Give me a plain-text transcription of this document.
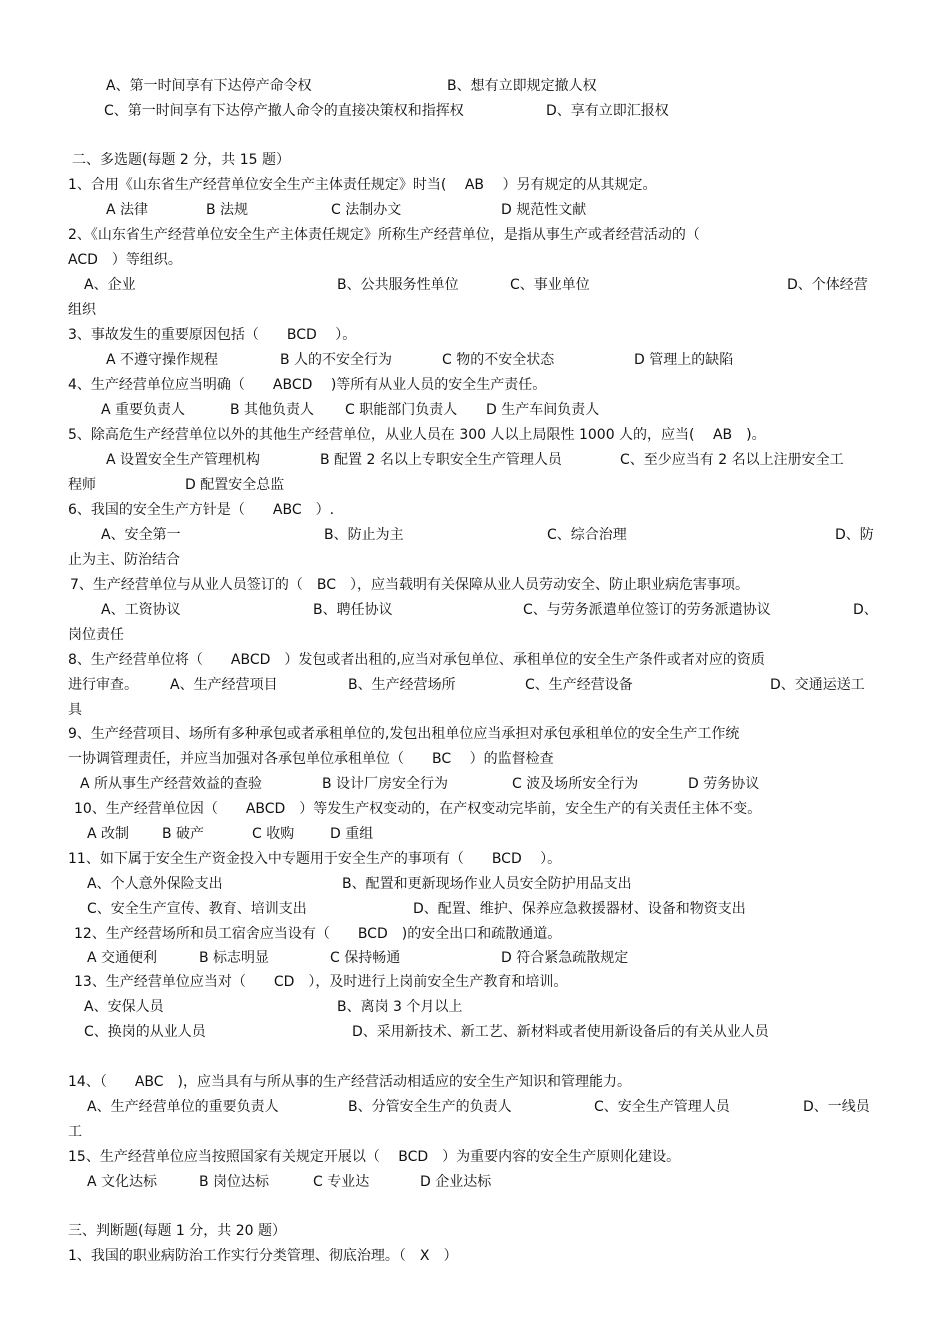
A、第一时间享有下达停产命令权	B、想有立即规定撤人权
C、第一时间享有下达停产撤人命令的直接决策权和指挥权	D、享有立即汇报权
二、多选题(每题 2 分，共 15 题）
1、合用《山东省生产经营单位安全生产主体责任规定》时当(　 AB　 ）另有规定的从其规定。
A 法律	B 法规	C 法制办文	D 规范性文献
2、《山东省生产经营单位安全生产主体责任规定》所称生产经营单位，是指从事生产或者经营活动的（
ACD　）等组织。
A、企业	B、公共服务性单位	C、事业单位	D、个体经营
组织
3、事故发生的重要原因包括（　　BCD　 ）。
A 不遵守操作规程	B 人的不安全行为	C 物的不安全状态	D 管理上的缺陷
4、生产经营单位应当明确（　　ABCD　 )等所有从业人员的安全生产责任。
A 重要负责人	B 其他负责人 C 职能部门负责人 D 生产车间负责人
5、除高危生产经营单位以外的其他生产经营单位，从业人员在 300 人以上局限性 1000 人的，应当(　 AB　)。
A 设置安全生产管理机构	B 配置 2 名以上专职安全生产管理人员	C、至少应当有 2 名以上注册安全工
程师	D 配置安全总监
6、我国的安全生产方针是（　　ABC　）.
A、安全第一	B、防止为主	C、综合治理	D、防
止为主、防治结合
7、生产经营单位与从业人员签订的（　BC　），应当载明有关保障从业人员劳动安全、防止职业病危害事项。
A、工资协议	B、聘任协议	C、与劳务派遣单位签订的劳务派遣协议	D、
岗位责任
8、生产经营单位将（　　ABCD　）发包或者出租的,应当对承包单位、承租单位的安全生产条件或者对应的资质
进行审查。 A、生产经营项目	B、生产经营场所	C、生产经营设备	D、交通运送工
具
9、生产经营项目、场所有多种承包或者承租单位的,发包出租单位应当承担对承包承租单位的安全生产工作统
一协调管理责任，并应当加强对各承包单位承租单位（　　BC　 ）的监督检查
A 所从事生产经营效益的查验	B 设计厂房安全行为	C 波及场所安全行为	D 劳务协议
10、生产经营单位因（　　ABCD　）等发生产权变动的，在产权变动完毕前，安全生产的有关责任主体不变。
A 改制 B 破产	C 收购	D 重组
11、如下属于安全生产资金投入中专题用于安全生产的事项有（　　BCD　 ）。
A、个人意外保险支出	B、配置和更新现场作业人员安全防护用品支出
C、安全生产宣传、教育、培训支出	D、配置、维护、保养应急救援器材、设备和物资支出
12、生产经营场所和员工宿舍应当设有（　　BCD　)的安全出口和疏散通道。
A 交通便利	B 标志明显	C 保持畅通	D 符合紧急疏散规定
13、生产经营单位应当对（　　CD　），及时进行上岗前安全生产教育和培训。
A、安保人员	B、离岗 3 个月以上
C、换岗的从业人员	D、采用新技术、新工艺、新材料或者使用新设备后的有关从业人员
14、（　　ABC　)，应当具有与所从事的生产经营活动相适应的安全生产知识和管理能力。
A、生产经营单位的重要负责人	B、分管安全生产的负责人	C、安全生产管理人员	D、一线员
工
15、生产经营单位应当按照国家有关规定开展以（　 BCD　）为重要内容的安全生产原则化建设。
A 文化达标	B 岗位达标	C 专业达	D 企业达标
三、判断题(每题 1 分，共 20 题）
1、我国的职业病防治工作实行分类管理、彻底治理。（　X　）
